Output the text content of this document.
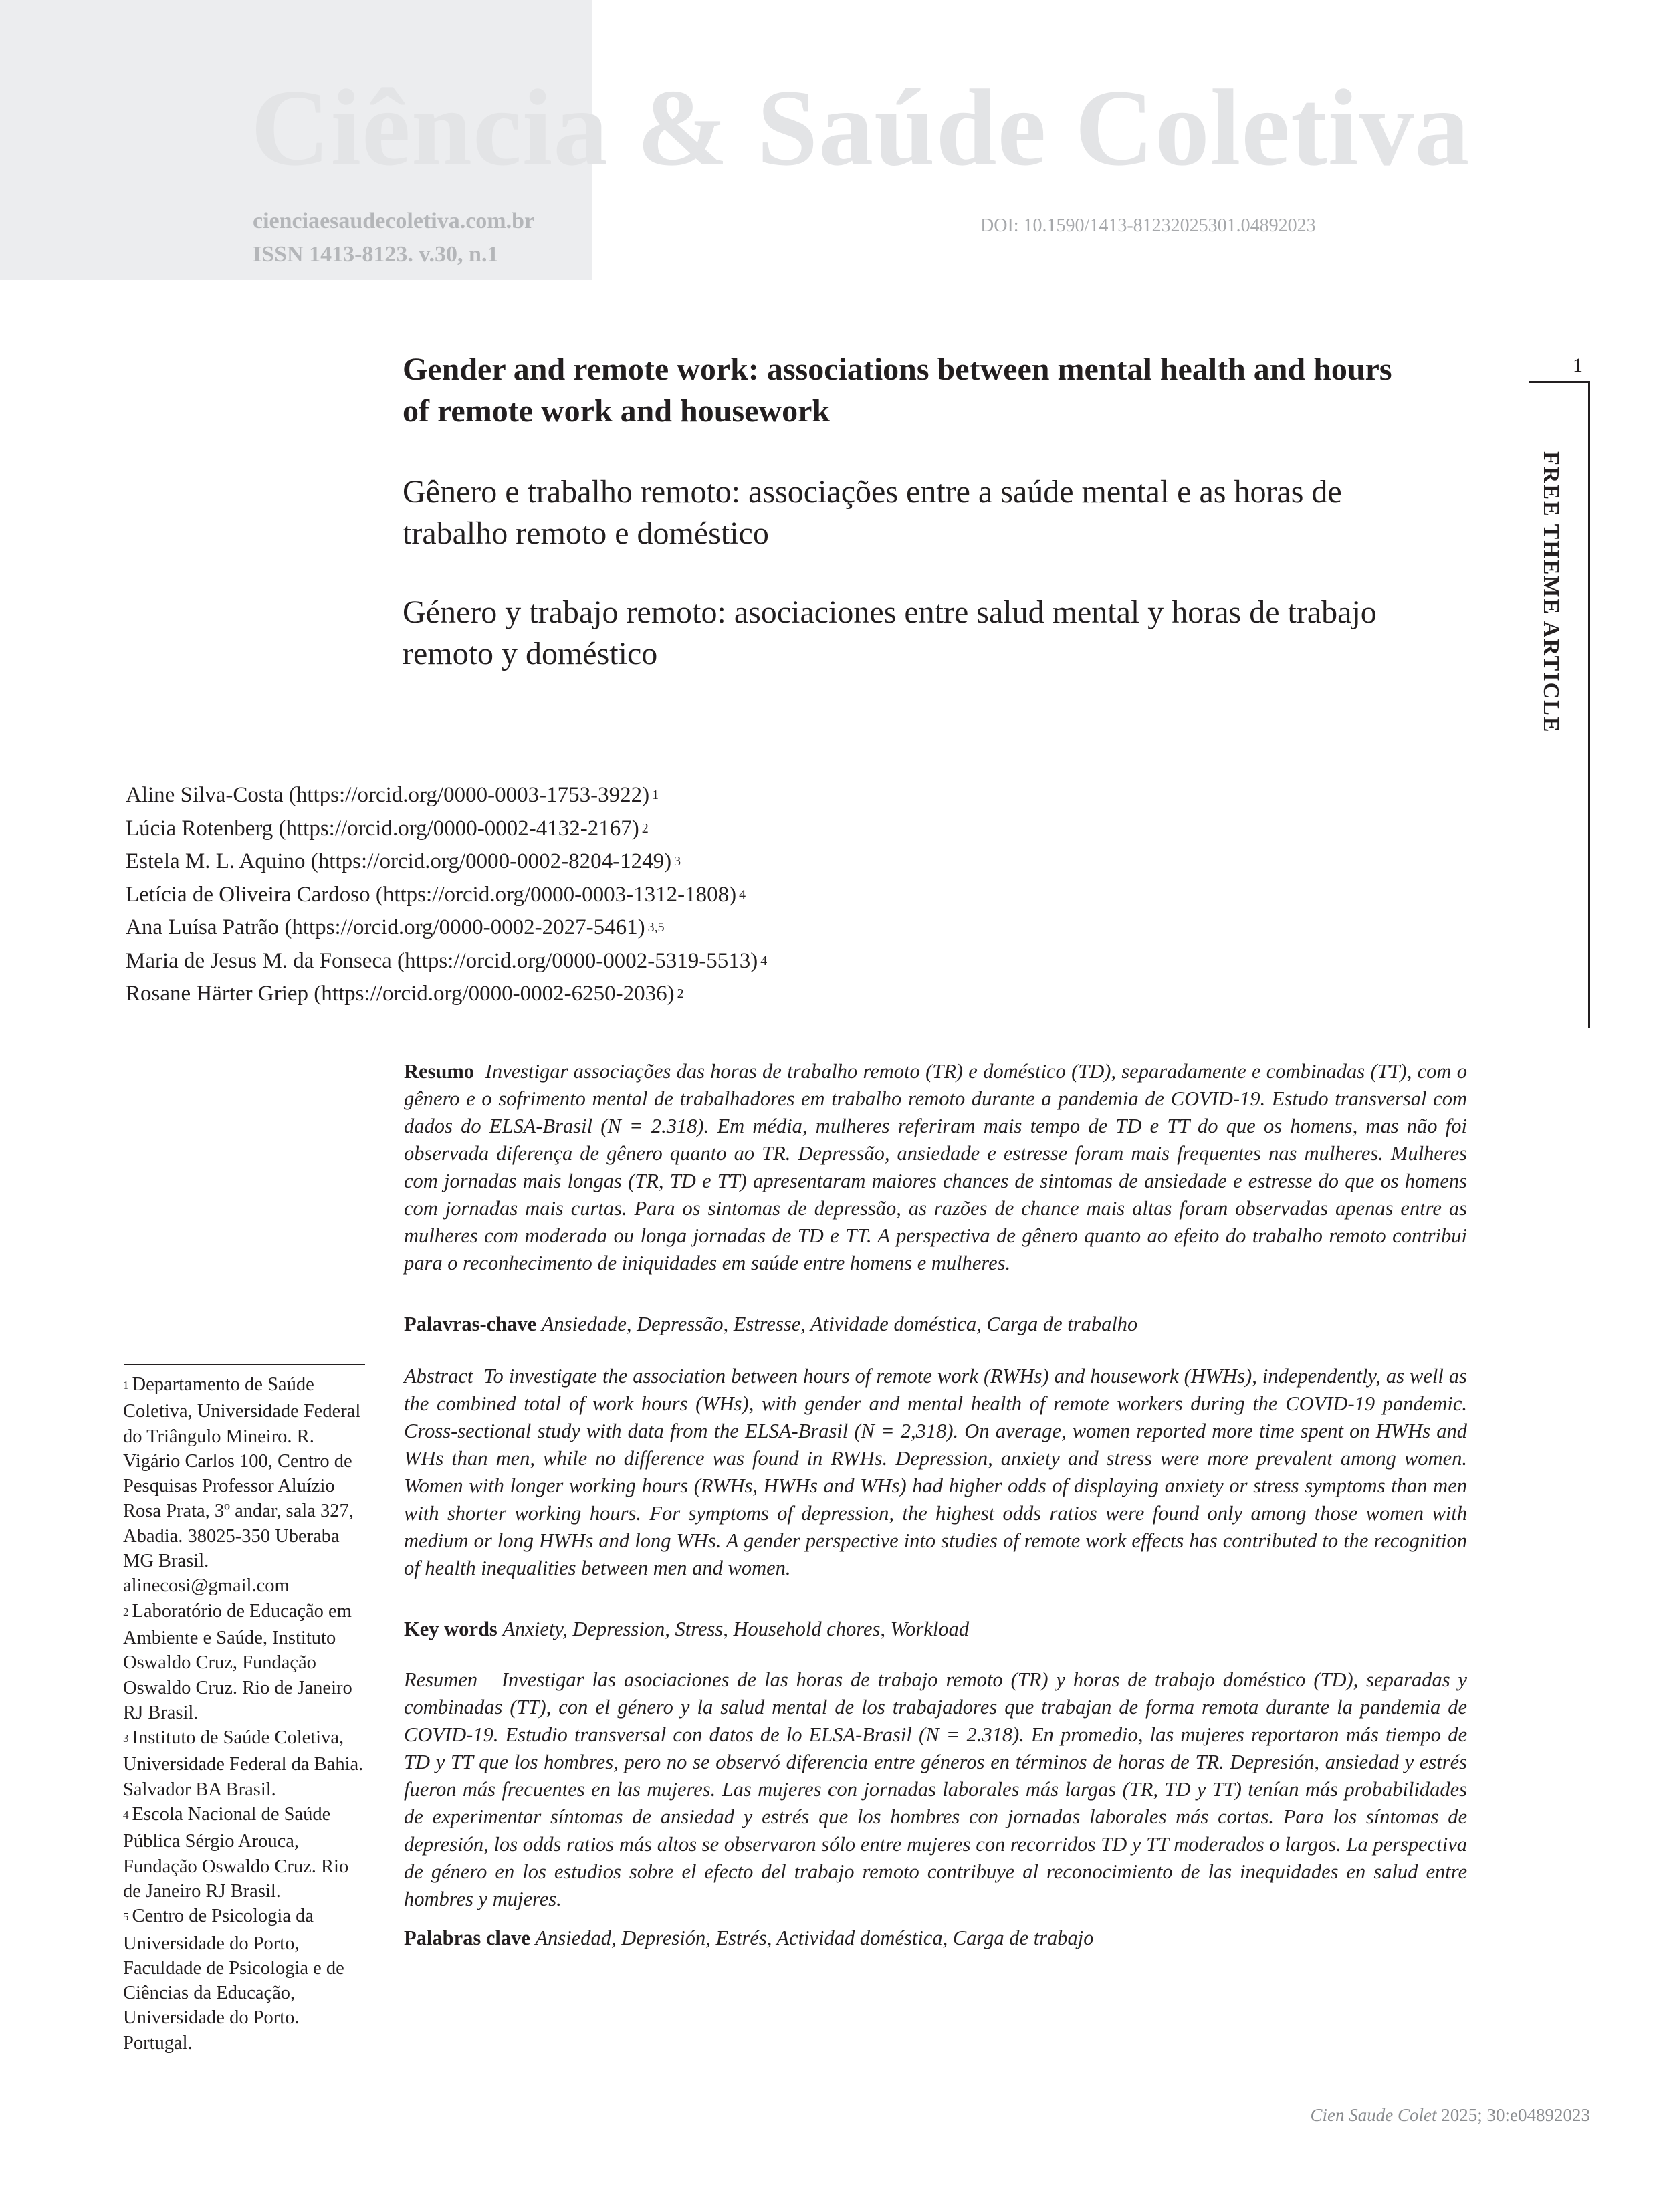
Ciência & Saúde Coletiva
cienciaesaudecoletiva.com.br
ISSN 1413-8123. v.30, n.1
DOI: 10.1590/1413-81232025301.04892023
1

FREE THEME ARTICLE

Gender and remote work: associations between mental health and hours of remote work and housework
Gênero e trabalho remoto: associações entre a saúde mental e as horas de trabalho remoto e doméstico
Género y trabajo remoto: asociaciones entre salud mental y horas de trabajo remoto y doméstico
Aline Silva-Costa (https://orcid.org/0000-0003-1753-3922) $^1$
Lúcia Rotenberg (https://orcid.org/0000-0002-4132-2167) $^2$
Estela M. L. Aquino (https://orcid.org/0000-0002-8204-1249) $^3$
Letícia de Oliveira Cardoso (https://orcid.org/0000-0003-1312-1808) $^4$
Ana Luísa Patrão (https://orcid.org/0000-0002-2027-5461) $^{3,5}$
Maria de Jesus M. da Fonseca (https://orcid.org/0000-0002-5319-5513) $^4$
Rosane Härter Griep (https://orcid.org/0000-0002-6250-2036) $^2$

Resumo Investigar associações das horas de trabalho remoto (TR) e doméstico (TD), separadamente e combinadas (TT), com o gênero e o sofrimento mental de trabalhadores em trabalho remoto durante a pandemia de COVID-19. Estudo transversal com dados do ELSA-Brasil (N = 2.318). Em média, mulheres referiram mais tempo de TD e TT do que os homens, mas não foi observada diferença de gênero quanto ao TR. Depressão, ansiedade e estresse foram mais frequentes nas mulheres. Mulheres com jornadas mais longas (TR, TD e TT) apresentaram maiores chances de sintomas de ansiedade e estresse do que os homens com jornadas mais curtas. Para os sintomas de depressão, as razões de chance mais altas foram observadas apenas entre as mulheres com moderada ou longa jornadas de TD e TT. A perspectiva de gênero quanto ao efeito do trabalho remoto contribui para o reconhecimento de iniquidades em saúde entre homens e mulheres.

Palavras-chave Ansiedade, Depressão, Estresse, Atividade doméstica, Carga de trabalho

Abstract To investigate the association between hours of remote work (RWHs) and housework (HWHs), independently, as well as the combined total of work hours (WHs), with gender and mental health of remote workers during the COVID-19 pandemic. Cross-sectional study with data from the ELSA-Brasil (N = 2,318). On average, women reported more time spent on HWHs and WHs than men, while no difference was found in RWHs. Depression, anxiety and stress were more prevalent among women. Women with longer working hours (RWHs, HWHs and WHs) had higher odds of displaying anxiety or stress symptoms than men with shorter working hours. For symptoms of depression, the highest odds ratios were found only among those women with medium or long HWHs and long WHs. A gender perspective into studies of remote work effects has contributed to the recognition of health inequalities between men and women.

Key words Anxiety, Depression, Stress, Household chores, Workload

Resumen Investigar las asociaciones de las horas de trabajo remoto (TR) y horas de trabajo doméstico (TD), separadas y combinadas (TT), con el género y la salud mental de los trabajadores que trabajan de forma remota durante la pandemia de COVID-19. Estudio transversal con datos de lo ELSA-Brasil (N = 2.318). En promedio, las mujeres reportaron más tiempo de TD y TT que los hombres, pero no se observó diferencia entre géneros en términos de horas de TR. Depresión, ansiedad y estrés fueron más frecuentes en las mujeres. Las mujeres con jornadas laborales más largas (TR, TD y TT) tenían más probabilidades de experimentar síntomas de ansiedad y estrés que los hombres con jornadas laborales más cortas. Para los síntomas de depresión, los odds ratios más altos se observaron sólo entre mujeres con recorridos TD y TT moderados o largos. La perspectiva de género en los estudios sobre el efecto del trabajo remoto contribuye al reconocimiento de las inequidades en salud entre hombres y mujeres.

Palabras clave Ansiedad, Depresión, Estrés, Actividad doméstica, Carga de trabajo

$^1$ Departamento de Saúde Coletiva, Universidade Federal do Triângulo Mineiro. R. Vigário Carlos 100, Centro de Pesquisas Professor Aluízio Rosa Prata, 3º andar, sala 327, Abadia. 38025-350 Uberaba MG Brasil. alinecosi@gmail.com
$^2$ Laboratório de Educação em Ambiente e Saúde, Instituto Oswaldo Cruz, Fundação Oswaldo Cruz. Rio de Janeiro RJ Brasil.
$^3$ Instituto de Saúde Coletiva, Universidade Federal da Bahia. Salvador BA Brasil.
$^4$ Escola Nacional de Saúde Pública Sérgio Arouca, Fundação Oswaldo Cruz. Rio de Janeiro RJ Brasil.
$^5$ Centro de Psicologia da Universidade do Porto, Faculdade de Psicologia e de Ciências da Educação, Universidade do Porto. Portugal.
Cien Saude Colet 2025; 30:e04892023
